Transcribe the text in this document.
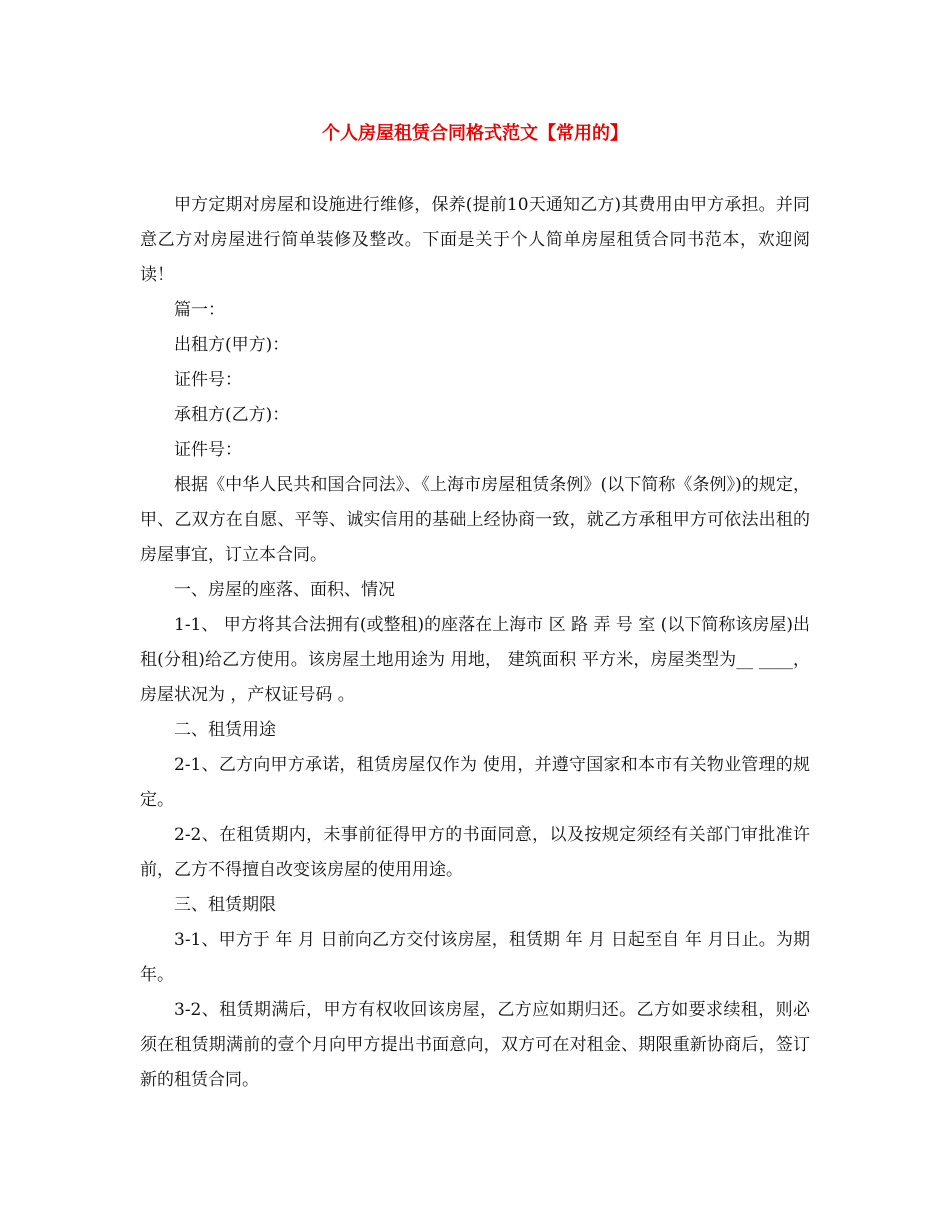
个人房屋租赁合同格式范文【常用的】

甲方定期对房屋和设施进行维修，保养(提前10天通知乙方)其费用由甲方承担。并同意乙方对房屋进行简单装修及整改。下面是关于个人简单房屋租赁合同书范本，欢迎阅读！

篇一：

出租方(甲方)：

证件号：

承租方(乙方)：

证件号：

根据《中华人民共和国合同法》、《上海市房屋租赁条例》(以下简称《条例》)的规定，甲、乙双方在自愿、平等、诚实信用的基础上经协商一致，就乙方承租甲方可依法出租的房屋事宜，订立本合同。

一、房屋的座落、面积、情况

1-1、 甲方将其合法拥有(或整租)的座落在上海市 区 路 弄 号 室 (以下简称该房屋)出租(分租)给乙方使用。该房屋土地用途为 用地， 建筑面积 平方米，房屋类型为__ ____，房屋状况为 ，产权证号码 。

二、租赁用途

2-1、乙方向甲方承诺，租赁房屋仅作为 使用，并遵守国家和本市有关物业管理的规定。

2-2、在租赁期内，未事前征得甲方的书面同意，以及按规定须经有关部门审批准许前，乙方不得擅自改变该房屋的使用用途。

三、租赁期限

3-1、甲方于 年 月 日前向乙方交付该房屋，租赁期 年 月 日起至自 年 月日止。为期 年。

3-2、租赁期满后，甲方有权收回该房屋，乙方应如期归还。乙方如要求续租，则必须在租赁期满前的壹个月向甲方提出书面意向，双方可在对租金、期限重新协商后，签订新的租赁合同。
